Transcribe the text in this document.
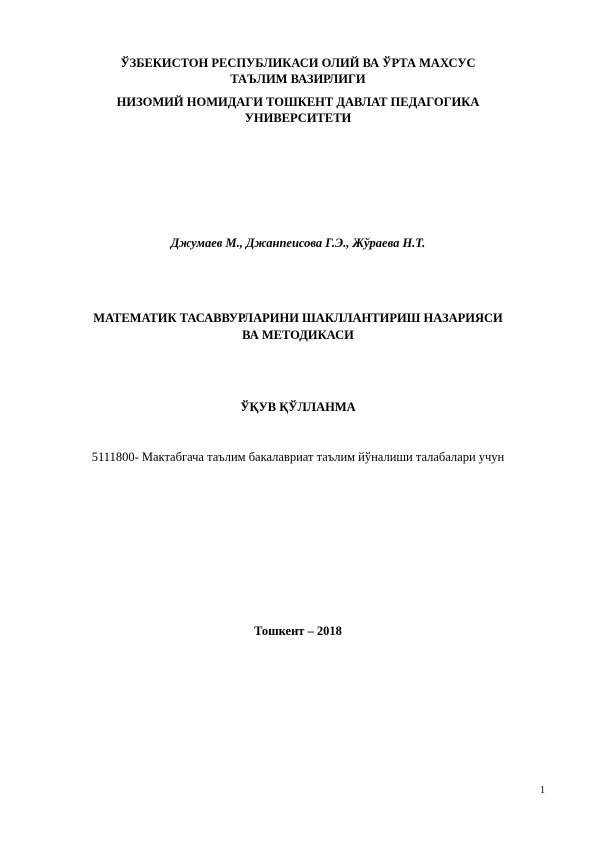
ЎЗБЕКИСТОН РЕСПУБЛИКАСИ ОЛИЙ ВА ЎРТА МАХСУС
ТАЪЛИМ ВАЗИРЛИГИ
НИЗОМИЙ НОМИДАГИ ТОШКЕНТ ДАВЛАТ ПЕДАГОГИКА
УНИВЕРСИТЕТИ
Джумаев М., Джанпеисова Г.Э., Жўраева Н.Т.
МАТЕМАТИК ТАСАВВУРЛАРИНИ ШАКЛЛАНТИРИШ НАЗАРИЯСИ
ВА МЕТОДИКАСИ
ЎҚУВ ҚЎЛЛАНМА
5111800- Мактабгача таълим бакалавриат таълим йўналиши талабалари учун
Тошкент – 2018
1
